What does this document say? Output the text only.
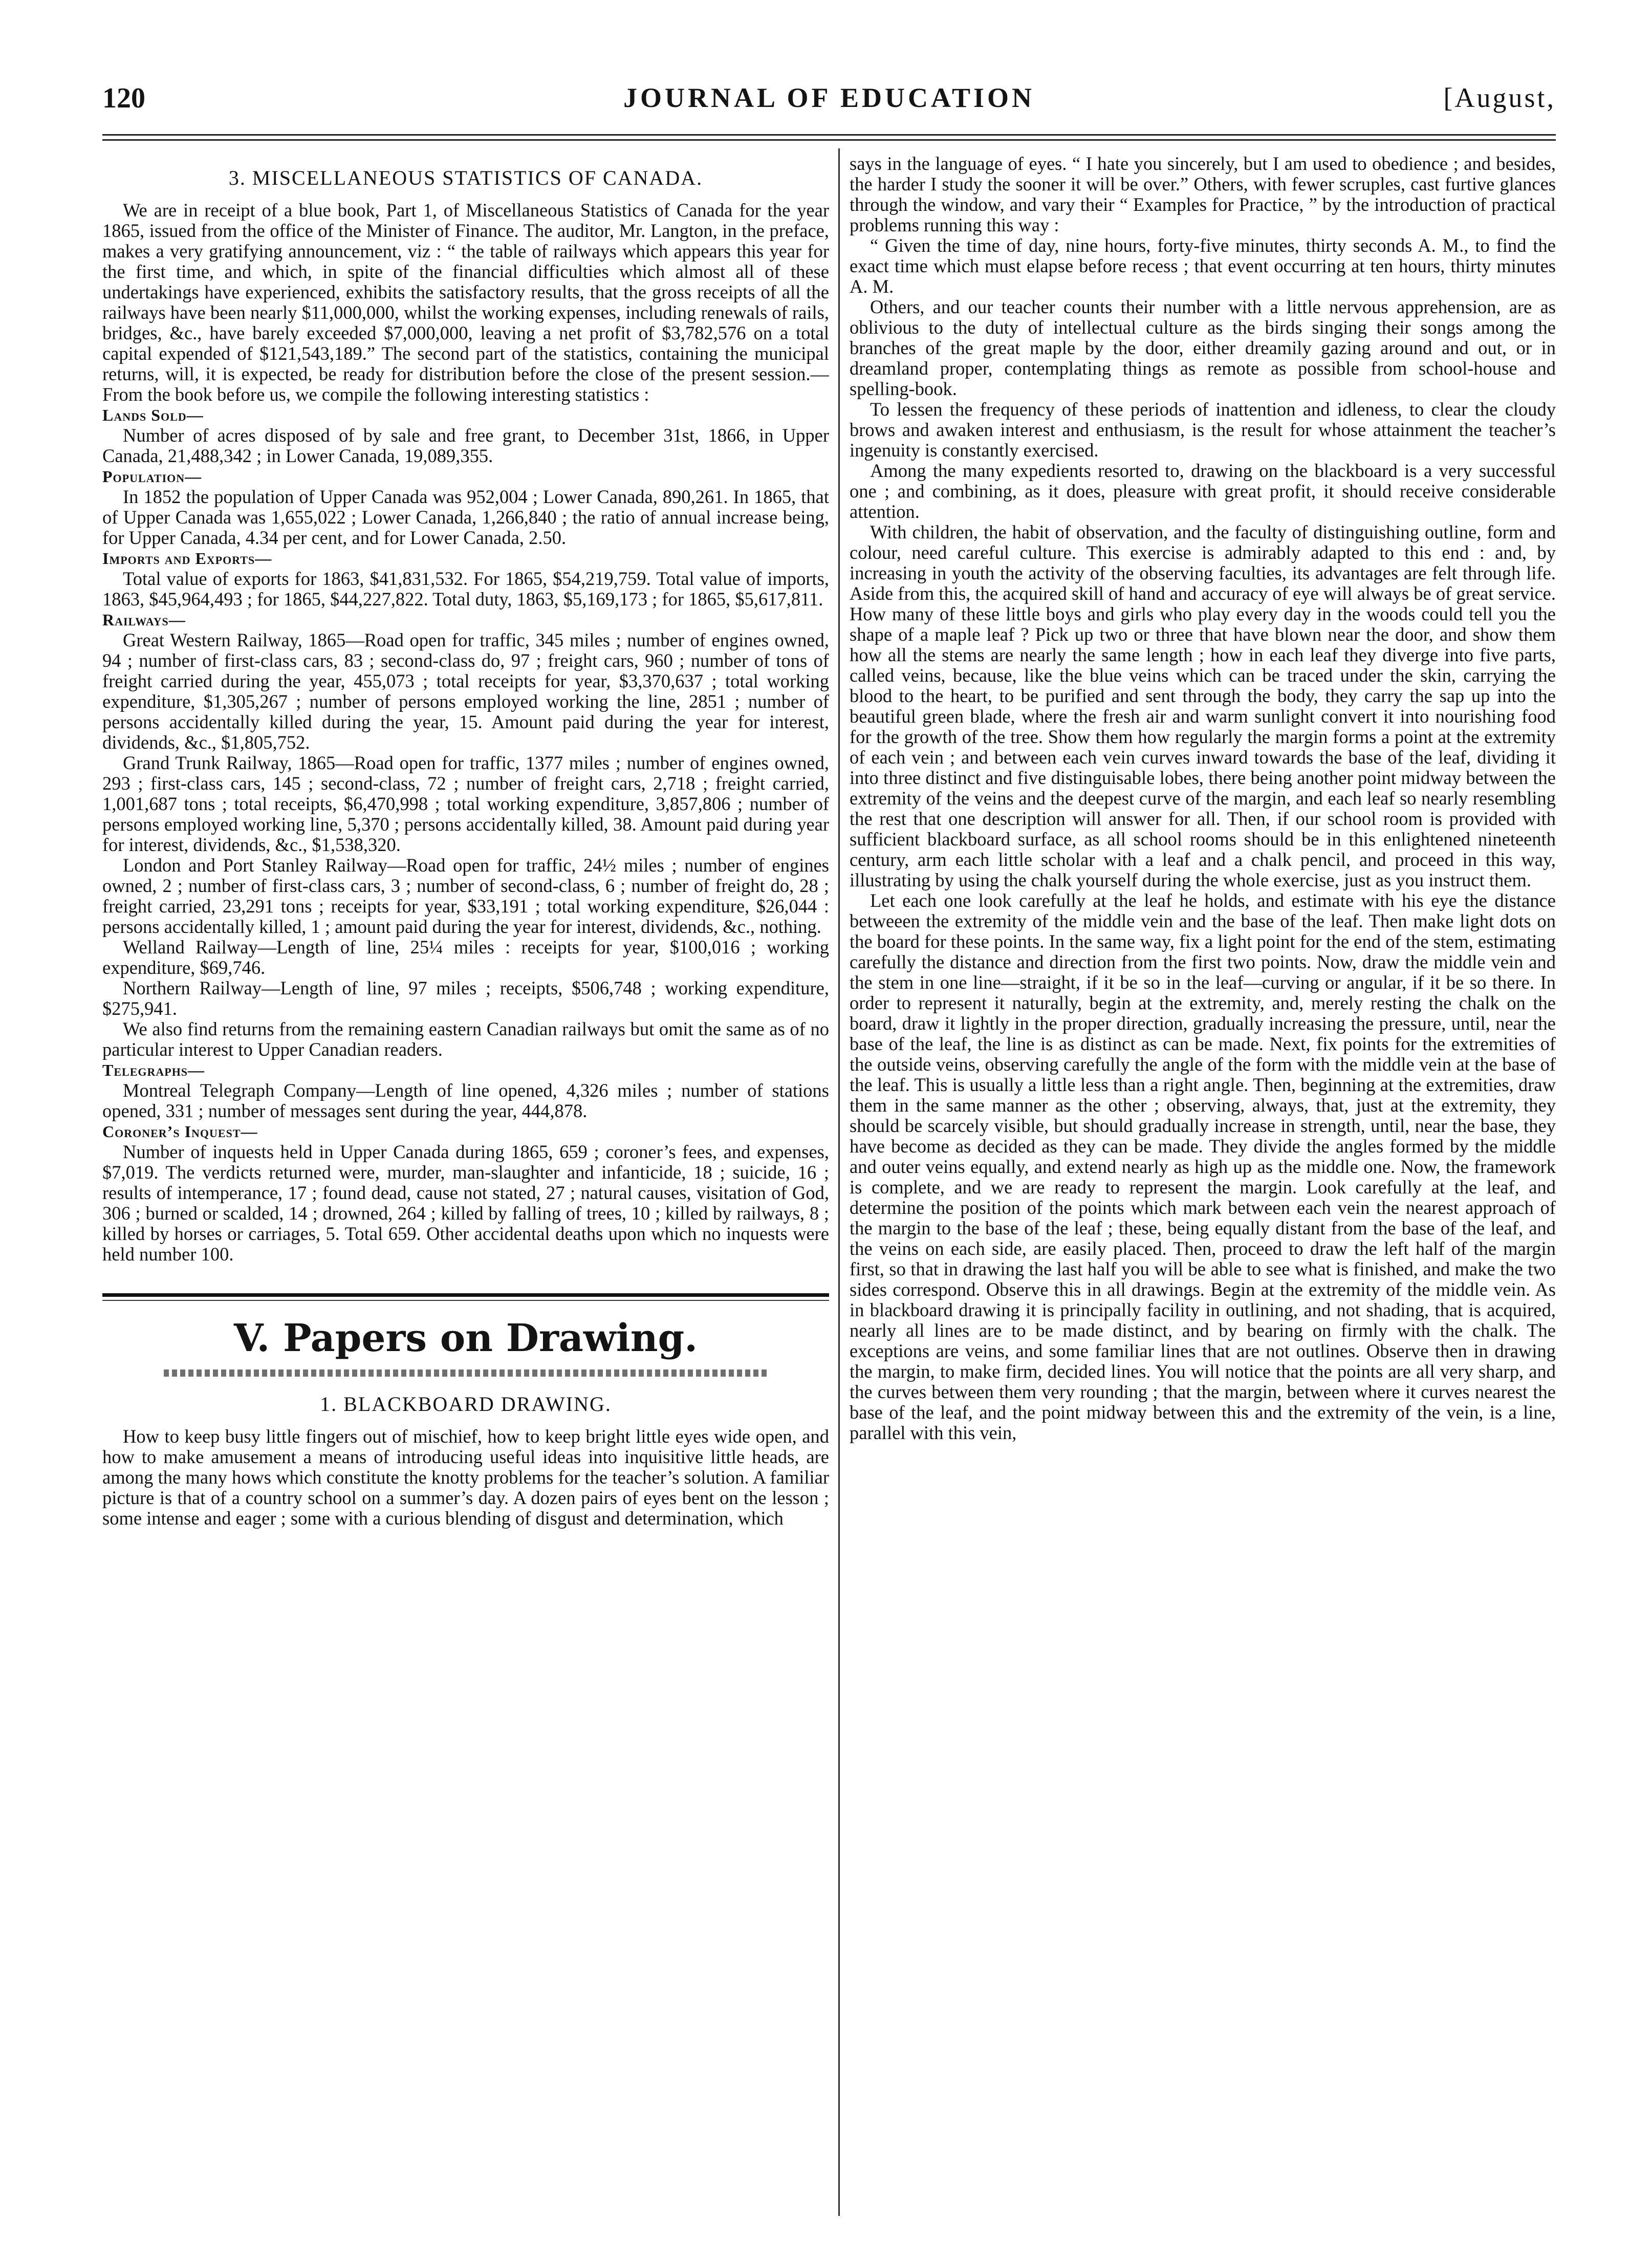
120	JOURNAL OF EDUCATION	[August,
3. MISCELLANEOUS STATISTICS OF CANADA.

We are in receipt of a blue book, Part 1, of Miscellaneous Statistics of Canada for the year 1865, issued from the office of the Minister of Finance. The auditor, Mr. Langton, in the preface, makes a very gratifying announcement, viz : “ the table of railways which appears this year for the first time, and which, in spite of the financial difficulties which almost all of these undertakings have experienced, exhibits the satisfactory results, that the gross receipts of all the railways have been nearly $11,000,000, whilst the working expenses, including renewals of rails, bridges, &c., have barely exceeded $7,000,000, leaving a net profit of $3,782,576 on a total capital expended of $121,543,189.” The second part of the statistics, containing the municipal returns, will, it is expected, be ready for distribution before the close of the present session.—From the book before us, we compile the following interesting statistics :

Lands Sold—

Number of acres disposed of by sale and free grant, to December 31st, 1866, in Upper Canada, 21,488,342 ; in Lower Canada, 19,089,355.

Population—

In 1852 the population of Upper Canada was 952,004 ; Lower Canada, 890,261. In 1865, that of Upper Canada was 1,655,022 ; Lower Canada, 1,266,840 ; the ratio of annual increase being, for Upper Canada, 4.34 per cent, and for Lower Canada, 2.50.

Imports and Exports—

Total value of exports for 1863, $41,831,532. For 1865, $54,219,759. Total value of imports, 1863, $45,964,493 ; for 1865, $44,227,822. Total duty, 1863, $5,169,173 ; for 1865, $5,617,811.

Railways—

Great Western Railway, 1865—Road open for traffic, 345 miles ; number of engines owned, 94 ; number of first-class cars, 83 ; second-class do, 97 ; freight cars, 960 ; number of tons of freight carried during the year, 455,073 ; total receipts for year, $3,370,637 ; total working expenditure, $1,305,267 ; number of persons employed working the line, 2851 ; number of persons accidentally killed during the year, 15. Amount paid during the year for interest, dividends, &c., $1,805,752.

Grand Trunk Railway, 1865—Road open for traffic, 1377 miles ; number of engines owned, 293 ; first-class cars, 145 ; second-class, 72 ; number of freight cars, 2,718 ; freight carried, 1,001,687 tons ; total receipts, $6,470,998 ; total working expenditure, 3,857,806 ; number of persons employed working line, 5,370 ; persons accidentally killed, 38. Amount paid during year for interest, dividends, &c., $1,538,320.

London and Port Stanley Railway—Road open for traffic, 24½ miles ; number of engines owned, 2 ; number of first-class cars, 3 ; number of second-class, 6 ; number of freight do, 28 ; freight carried, 23,291 tons ; receipts for year, $33,191 ; total working expenditure, $26,044 : persons accidentally killed, 1 ; amount paid during the year for interest, dividends, &c., nothing.

Welland Railway—Length of line, 25¼ miles : receipts for year, $100,016 ; working expenditure, $69,746.

Northern Railway—Length of line, 97 miles ; receipts, $506,748 ; working expenditure, $275,941.

We also find returns from the remaining eastern Canadian railways but omit the same as of no particular interest to Upper Canadian readers.

Telegraphs—

Montreal Telegraph Company—Length of line opened, 4,326 miles ; number of stations opened, 331 ; number of messages sent during the year, 444,878.

Coroner’s Inquest—

Number of inquests held in Upper Canada during 1865, 659 ; coroner’s fees, and expenses, $7,019. The verdicts returned were, murder, man-slaughter and infanticide, 18 ; suicide, 16 ; results of intemperance, 17 ; found dead, cause not stated, 27 ; natural causes, visitation of God, 306 ; burned or scalded, 14 ; drowned, 264 ; killed by falling of trees, 10 ; killed by railways, 8 ; killed by horses or carriages, 5. Total 659. Other accidental deaths upon which no inquests were held number 100.

V. Papers on Drawing.
1. BLACKBOARD DRAWING.

How to keep busy little fingers out of mischief, how to keep bright little eyes wide open, and how to make amusement a means of introducing useful ideas into inquisitive little heads, are among the many hows which constitute the knotty problems for the teacher’s solution. A familiar picture is that of a country school on a summer’s day. A dozen pairs of eyes bent on the lesson ; some intense and eager ; some with a curious blending of disgust and determination, which

says in the language of eyes. “ I hate you sincerely, but I am used to obedience ; and besides, the harder I study the sooner it will be over.” Others, with fewer scruples, cast furtive glances through the window, and vary their “ Examples for Practice, ” by the introduction of practical problems running this way :

“ Given the time of day, nine hours, forty-five minutes, thirty seconds A. M., to find the exact time which must elapse before recess ; that event occurring at ten hours, thirty minutes A. M.

Others, and our teacher counts their number with a little nervous apprehension, are as oblivious to the duty of intellectual culture as the birds singing their songs among the branches of the great maple by the door, either dreamily gazing around and out, or in dreamland proper, contemplating things as remote as possible from school-house and spelling-book.

To lessen the frequency of these periods of inattention and idleness, to clear the cloudy brows and awaken interest and enthusiasm, is the result for whose attainment the teacher’s ingenuity is constantly exercised.

Among the many expedients resorted to, drawing on the blackboard is a very successful one ; and combining, as it does, pleasure with great profit, it should receive considerable attention.

With children, the habit of observation, and the faculty of distinguishing outline, form and colour, need careful culture. This exercise is admirably adapted to this end : and, by increasing in youth the activity of the observing faculties, its advantages are felt through life. Aside from this, the acquired skill of hand and accuracy of eye will always be of great service. How many of these little boys and girls who play every day in the woods could tell you the shape of a maple leaf ? Pick up two or three that have blown near the door, and show them how all the stems are nearly the same length ; how in each leaf they diverge into five parts, called veins, because, like the blue veins which can be traced under the skin, carrying the blood to the heart, to be purified and sent through the body, they carry the sap up into the beautiful green blade, where the fresh air and warm sunlight convert it into nourishing food for the growth of the tree. Show them how regularly the margin forms a point at the extremity of each vein ; and between each vein curves inward towards the base of the leaf, dividing it into three distinct and five distinguisable lobes, there being another point midway between the extremity of the veins and the deepest curve of the margin, and each leaf so nearly resembling the rest that one description will answer for all. Then, if our school room is provided with sufficient blackboard surface, as all school rooms should be in this enlightened nineteenth century, arm each little scholar with a leaf and a chalk pencil, and proceed in this way, illustrating by using the chalk yourself during the whole exercise, just as you instruct them.

Let each one look carefully at the leaf he holds, and estimate with his eye the distance betweeen the extremity of the middle vein and the base of the leaf. Then make light dots on the board for these points. In the same way, fix a light point for the end of the stem, estimating carefully the distance and direction from the first two points. Now, draw the middle vein and the stem in one line—straight, if it be so in the leaf—curving or angular, if it be so there. In order to represent it naturally, begin at the extremity, and, merely resting the chalk on the board, draw it lightly in the proper direction, gradually increasing the pressure, until, near the base of the leaf, the line is as distinct as can be made. Next, fix points for the extremities of the outside veins, observing carefully the angle of the form with the middle vein at the base of the leaf. This is usually a little less than a right angle. Then, beginning at the extremities, draw them in the same manner as the other ; observing, always, that, just at the extremity, they should be scarcely visible, but should gradually increase in strength, until, near the base, they have become as decided as they can be made. They divide the angles formed by the middle and outer veins equally, and extend nearly as high up as the middle one. Now, the framework is complete, and we are ready to represent the margin. Look carefully at the leaf, and determine the position of the points which mark between each vein the nearest approach of the margin to the base of the leaf ; these, being equally distant from the base of the leaf, and the veins on each side, are easily placed. Then, proceed to draw the left half of the margin first, so that in drawing the last half you will be able to see what is finished, and make the two sides correspond. Observe this in all drawings. Begin at the extremity of the middle vein. As in blackboard drawing it is principally facility in outlining, and not shading, that is acquired, nearly all lines are to be made distinct, and by bearing on firmly with the chalk. The exceptions are veins, and some familiar lines that are not outlines. Observe then in drawing the margin, to make firm, decided lines. You will notice that the points are all very sharp, and the curves between them very rounding ; that the margin, between where it curves nearest the base of the leaf, and the point midway between this and the extremity of the vein, is a line, parallel with this vein,
